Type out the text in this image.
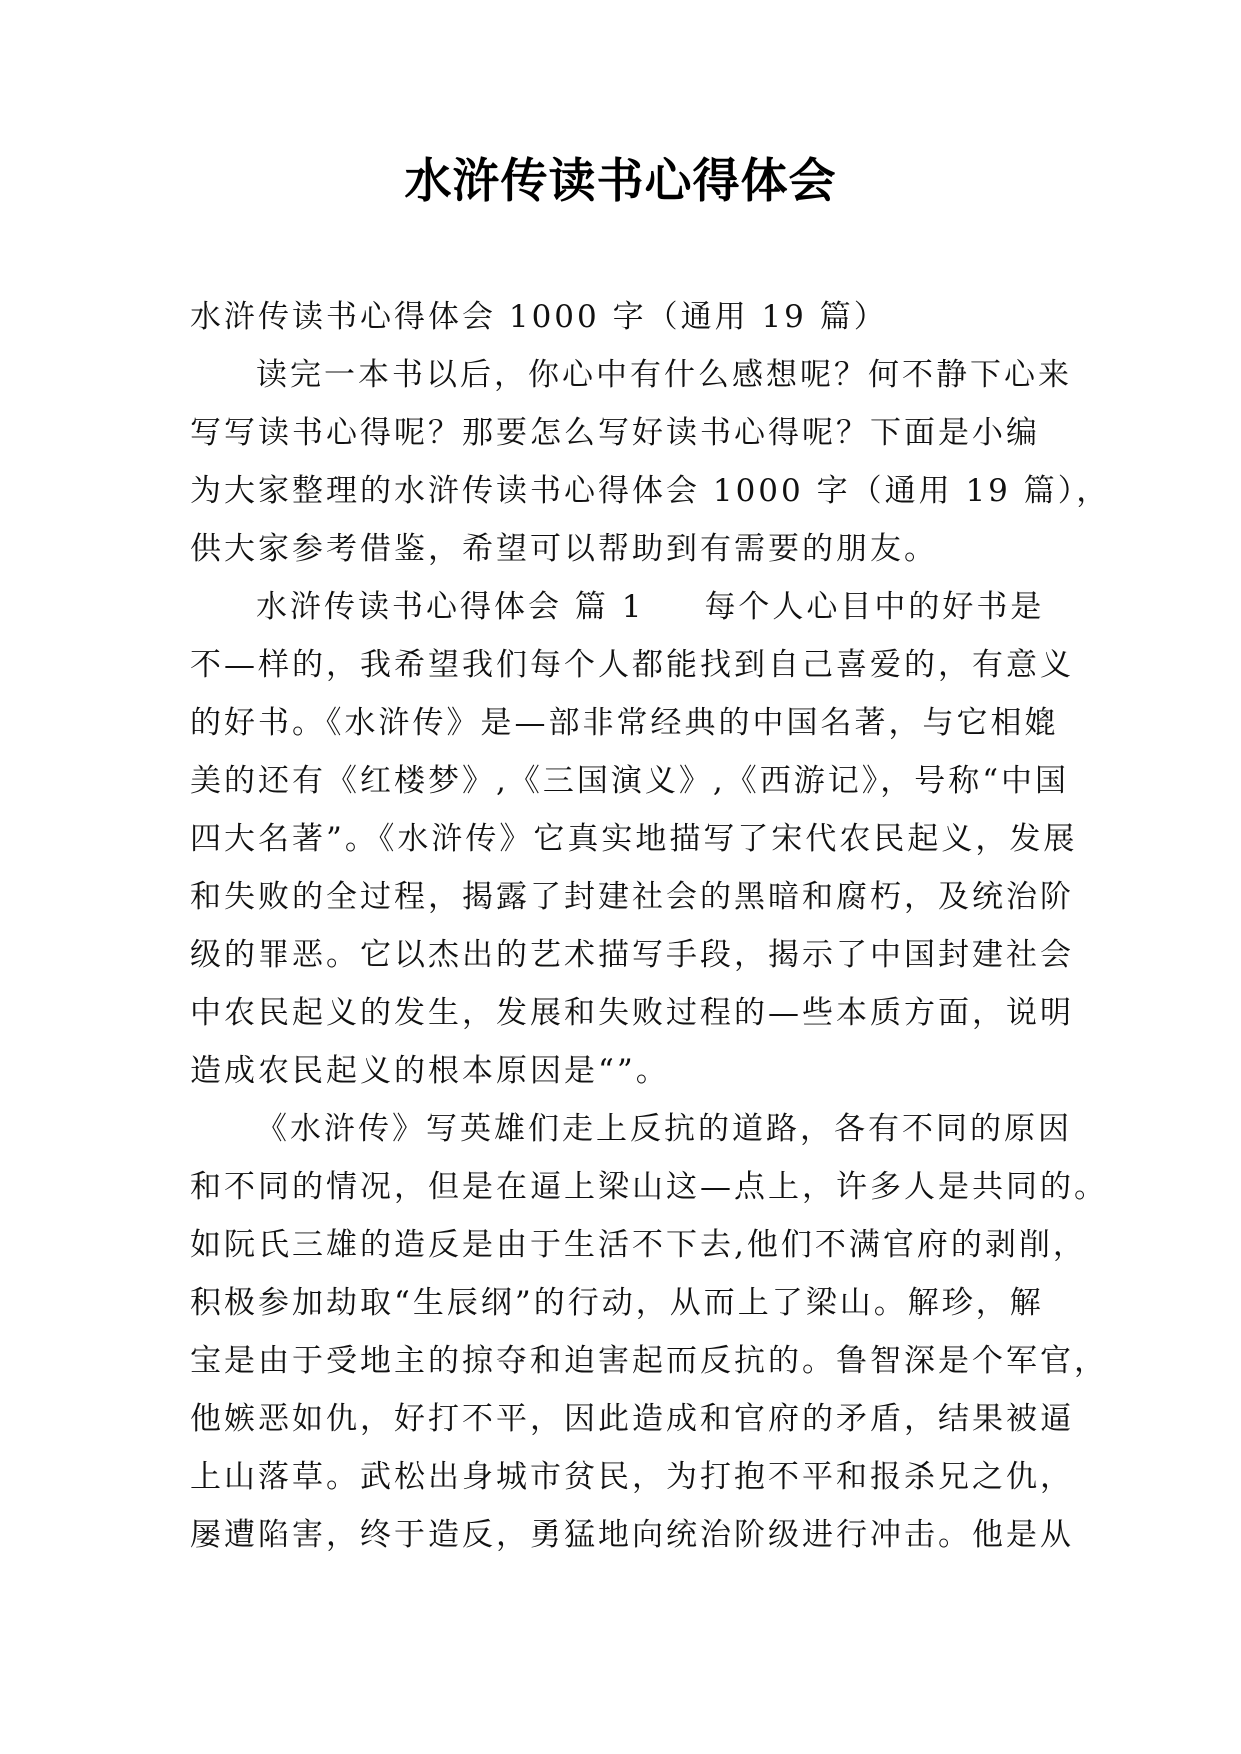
水浒传读书心得体会

水浒传读书心得体会 1000 字（通用 19 篇）

读完一本书以后，你心中有什么感想呢？何不静下心来

写写读书心得呢？那要怎么写好读书心得呢？下面是小编

为大家整理的水浒传读书心得体会 1000 字（通用 19 篇），

供大家参考借鉴，希望可以帮助到有需要的朋友。

水浒传读书心得体会 篇 1 每个人心目中的好书是

不—样的，我希望我们每个人都能找到自己喜爱的，有意义

的好书。《水浒传》是—部非常经典的中国名著，与它相媲

美的还有《红楼梦》,《三国演义》,《西游记》，号称“中国

四大名著”。《水浒传》它真实地描写了宋代农民起义，发展

和失败的全过程，揭露了封建社会的黑暗和腐朽，及统治阶

级的罪恶。它以杰出的艺术描写手段，揭示了中国封建社会

中农民起义的发生，发展和失败过程的—些本质方面，说明

造成农民起义的根本原因是“”。

《水浒传》写英雄们走上反抗的道路，各有不同的原因

和不同的情况，但是在逼上梁山这—点上，许多人是共同的。

如阮氏三雄的造反是由于生活不下去,他们不满官府的剥削，

积极参加劫取“生辰纲”的行动，从而上了梁山。解珍，解

宝是由于受地主的掠夺和迫害起而反抗的。鲁智深是个军官，

他嫉恶如仇，好打不平，因此造成和官府的矛盾，结果被逼

上山落草。武松出身城市贫民，为打抱不平和报杀兄之仇，

屡遭陷害，终于造反，勇猛地向统治阶级进行冲击。他是从
